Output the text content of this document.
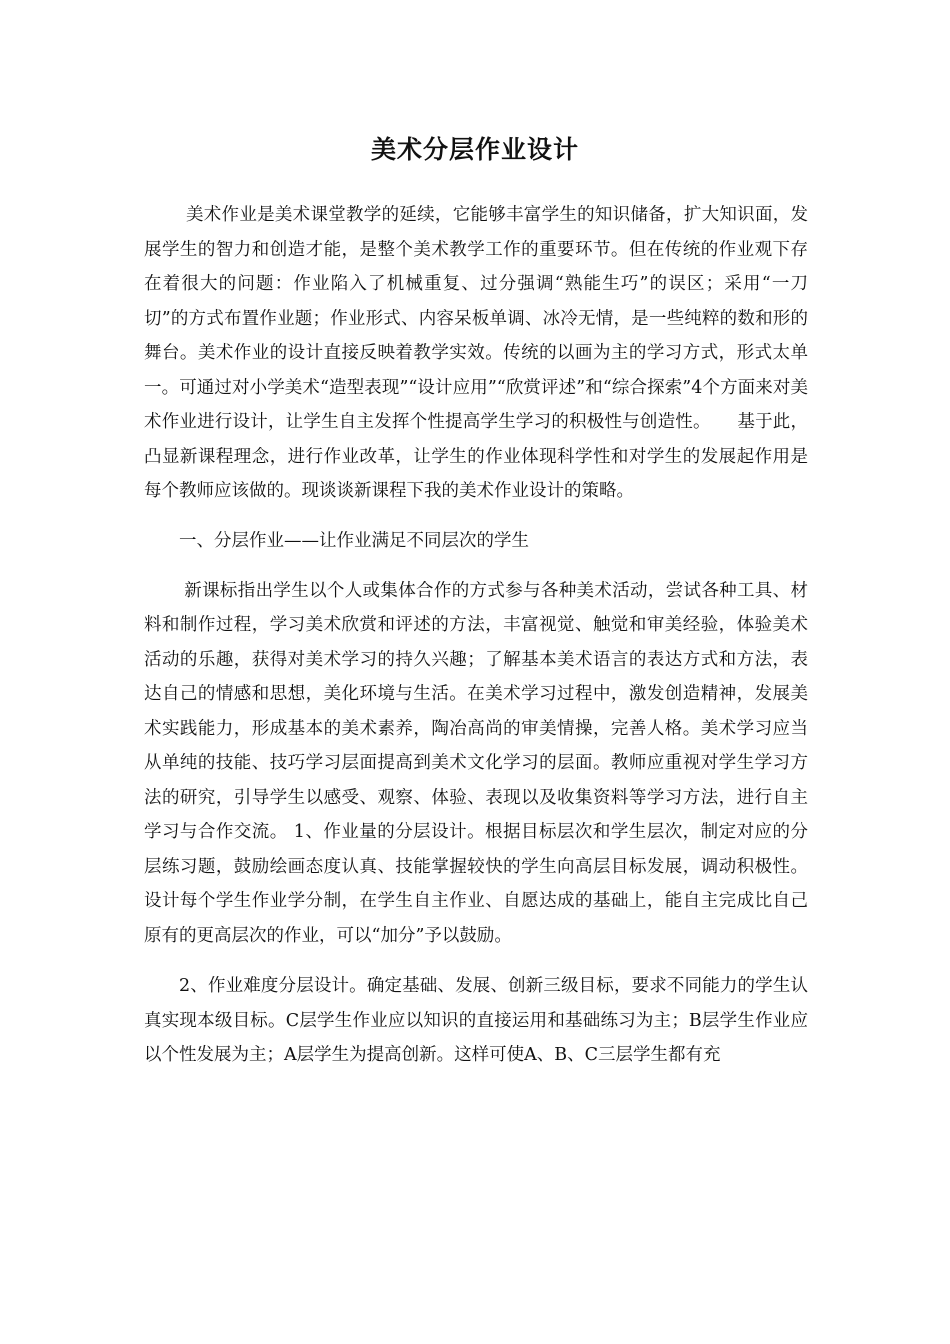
美术分层作业设计

美术作业是美术课堂教学的延续，它能够丰富学生的知识储备，扩大知识面，发展学生的智力和创造才能，是整个美术教学工作的重要环节。但在传统的作业观下存在着很大的问题：作业陷入了机械重复、过分强调“熟能生巧”的误区；采用“一刀切”的方式布置作业题；作业形式、内容呆板单调、冰冷无情，是一些纯粹的数和形的舞台。美术作业的设计直接反映着教学实效。传统的以画为主的学习方式，形式太单一。可通过对小学美术“造型表现”“设计应用”“欣赏评述”和“综合探索”4个方面来对美术作业进行设计，让学生自主发挥个性提高学生学习的积极性与创造性。　　基于此，凸显新课程理念，进行作业改革，让学生的作业体现科学性和对学生的发展起作用是每个教师应该做的。现谈谈新课程下我的美术作业设计的策略。

一、分层作业——让作业满足不同层次的学生

新课标指出学生以个人或集体合作的方式参与各种美术活动，尝试各种工具、材料和制作过程，学习美术欣赏和评述的方法，丰富视觉、触觉和审美经验，体验美术活动的乐趣，获得对美术学习的持久兴趣；了解基本美术语言的表达方式和方法，表达自己的情感和思想，美化环境与生活。在美术学习过程中，激发创造精神，发展美术实践能力，形成基本的美术素养，陶冶高尚的审美情操，完善人格。美术学习应当从单纯的技能、技巧学习层面提高到美术文化学习的层面。教师应重视对学生学习方法的研究，引导学生以感受、观察、体验、表现以及收集资料等学习方法，进行自主学习与合作交流。 1、作业量的分层设计。根据目标层次和学生层次，制定对应的分层练习题，鼓励绘画态度认真、技能掌握较快的学生向高层目标发展，调动积极性。设计每个学生作业学分制，在学生自主作业、自愿达成的基础上，能自主完成比自己原有的更高层次的作业，可以“加分”予以鼓励。

2、作业难度分层设计。确定基础、发展、创新三级目标，要求不同能力的学生认真实现本级目标。C层学生作业应以知识的直接运用和基础练习为主；B层学生作业应以个性发展为主；A层学生为提高创新。这样可使A、B、C三层学生都有充
